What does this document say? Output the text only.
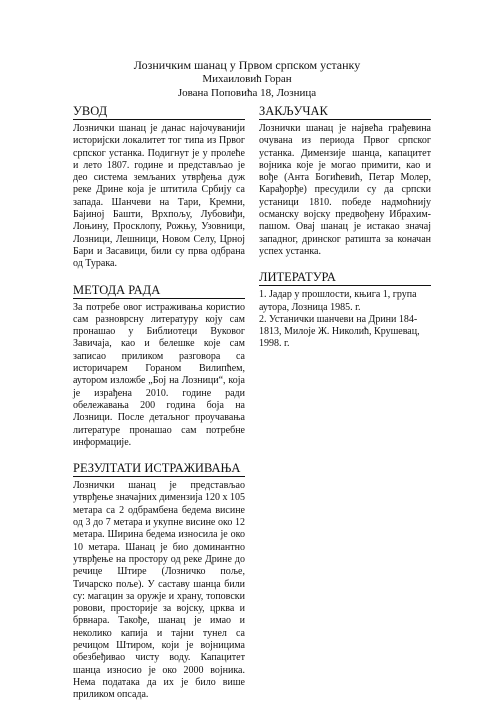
Лозничким шанац у Првом српском устанку
Михаиловић Горан
Јована Поповића 18, Лозница
УВОД

Лознички шанац је данас најочуванији историјски локалитет тог типа из Првог српског устанка. Подигнут је у пролеће и лето 1807. године и представљао је део система земљаних утврђења дуж реке Дрине која је штитила Србију са запада. Шанчеви на Тари, Кремни, Бајиној Башти, Врхпољу, Лубовиђи, Лоњину, Просклопу, Рожњу, Узовници, Лозници, Лешници, Новом Селу, Црној Бари и Засавици, били су прва одбрана од Турака.

МЕТОДА РАДА

За потребе овог истраживања користио сам разноврсну литературу коју сам пронашао у Библиотеци Вуковог Завичаја, као и белешке које сам записао приликом разговора са историчарем Гораном Вилипћем, аутором изложбе „Бој на Лозници“, која је израђена 2010. године ради обележавања 200 година боја на Лозници. После детаљног проучавања литературе пронашао сам потребне информације.

РЕЗУЛТАТИ ИСТРАЖИВАЊА

Лознички шанац је представљао утврђење значајних димензија 120 x 105 метара са 2 одбрамбена бедема висине од 3 до 7 метара и укупне висине око 12 метара. Ширина бедема износила је око 10 метара. Шанац је био доминантно утврђење на простору од реке Дрине до речице Штире (Лозничко поље, Тичарско поље). У саставу шанца били су: магацин за оружје и храну, топовски ровови, просторије за војску, црква и брвнара. Такође, шанац је имао и неколико капија и тајни тунел са речицом Штиром, који је војницима обезбеђивао чисту воду. Капацитет шанца износио је око 2000 војника. Нема података да их је било више приликом опсада.

ЗАКЉУЧАК

Лознички шанац је највећа грађевина очувана из периода Првог српског устанка. Димензије шанца, капацитет војника које је могао примити, као и вође (Анта Богићевић, Петар Молер, Карађорђе) пресудили су да српски устаници 1810. победе надмоћнију османску војску предвођену Ибрахим-пашом. Овај шанац је истакао значај западног, дринског ратишта за коначан успех устанка.

ЛИТЕРАТУРА
1. Јадар у прошлости, књига 1, група аутора, Лозница 1985. г.
2. Устанички шанчеви на Дрини 184-1813, Милоје Ж. Николић, Крушевац, 1998. г.
